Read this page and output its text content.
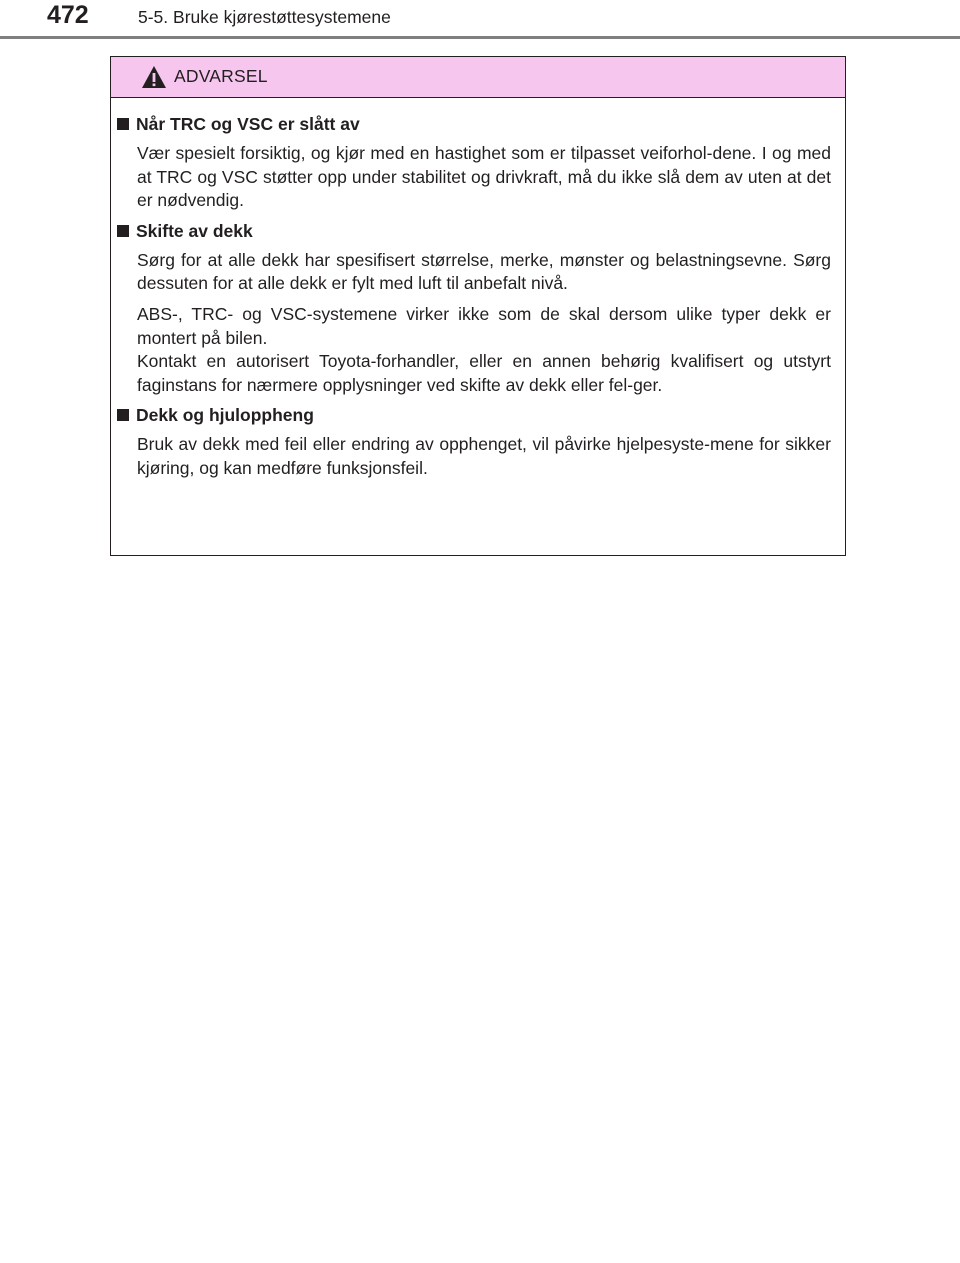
472	5-5. Bruke kjørestøttesystemene
ADVARSEL
Når TRC og VSC er slått av

Vær spesielt forsiktig, og kjør med en hastighet som er tilpasset veiforhol-dene. I og med at TRC og VSC støtter opp under stabilitet og drivkraft, må du ikke slå dem av uten at det er nødvendig.

Skifte av dekk

Sørg for at alle dekk har spesifisert størrelse, merke, mønster og belastningsevne. Sørg dessuten for at alle dekk er fylt med luft til anbefalt nivå.

ABS-, TRC- og VSC-systemene virker ikke som de skal dersom ulike typer dekk er montert på bilen.

Kontakt en autorisert Toyota-forhandler, eller en annen behørig kvalifisert og utstyrt faginstans for nærmere opplysninger ved skifte av dekk eller fel-ger.

Dekk og hjuloppheng

Bruk av dekk med feil eller endring av opphenget, vil påvirke hjelpesyste-mene for sikker kjøring, og kan medføre funksjonsfeil.
